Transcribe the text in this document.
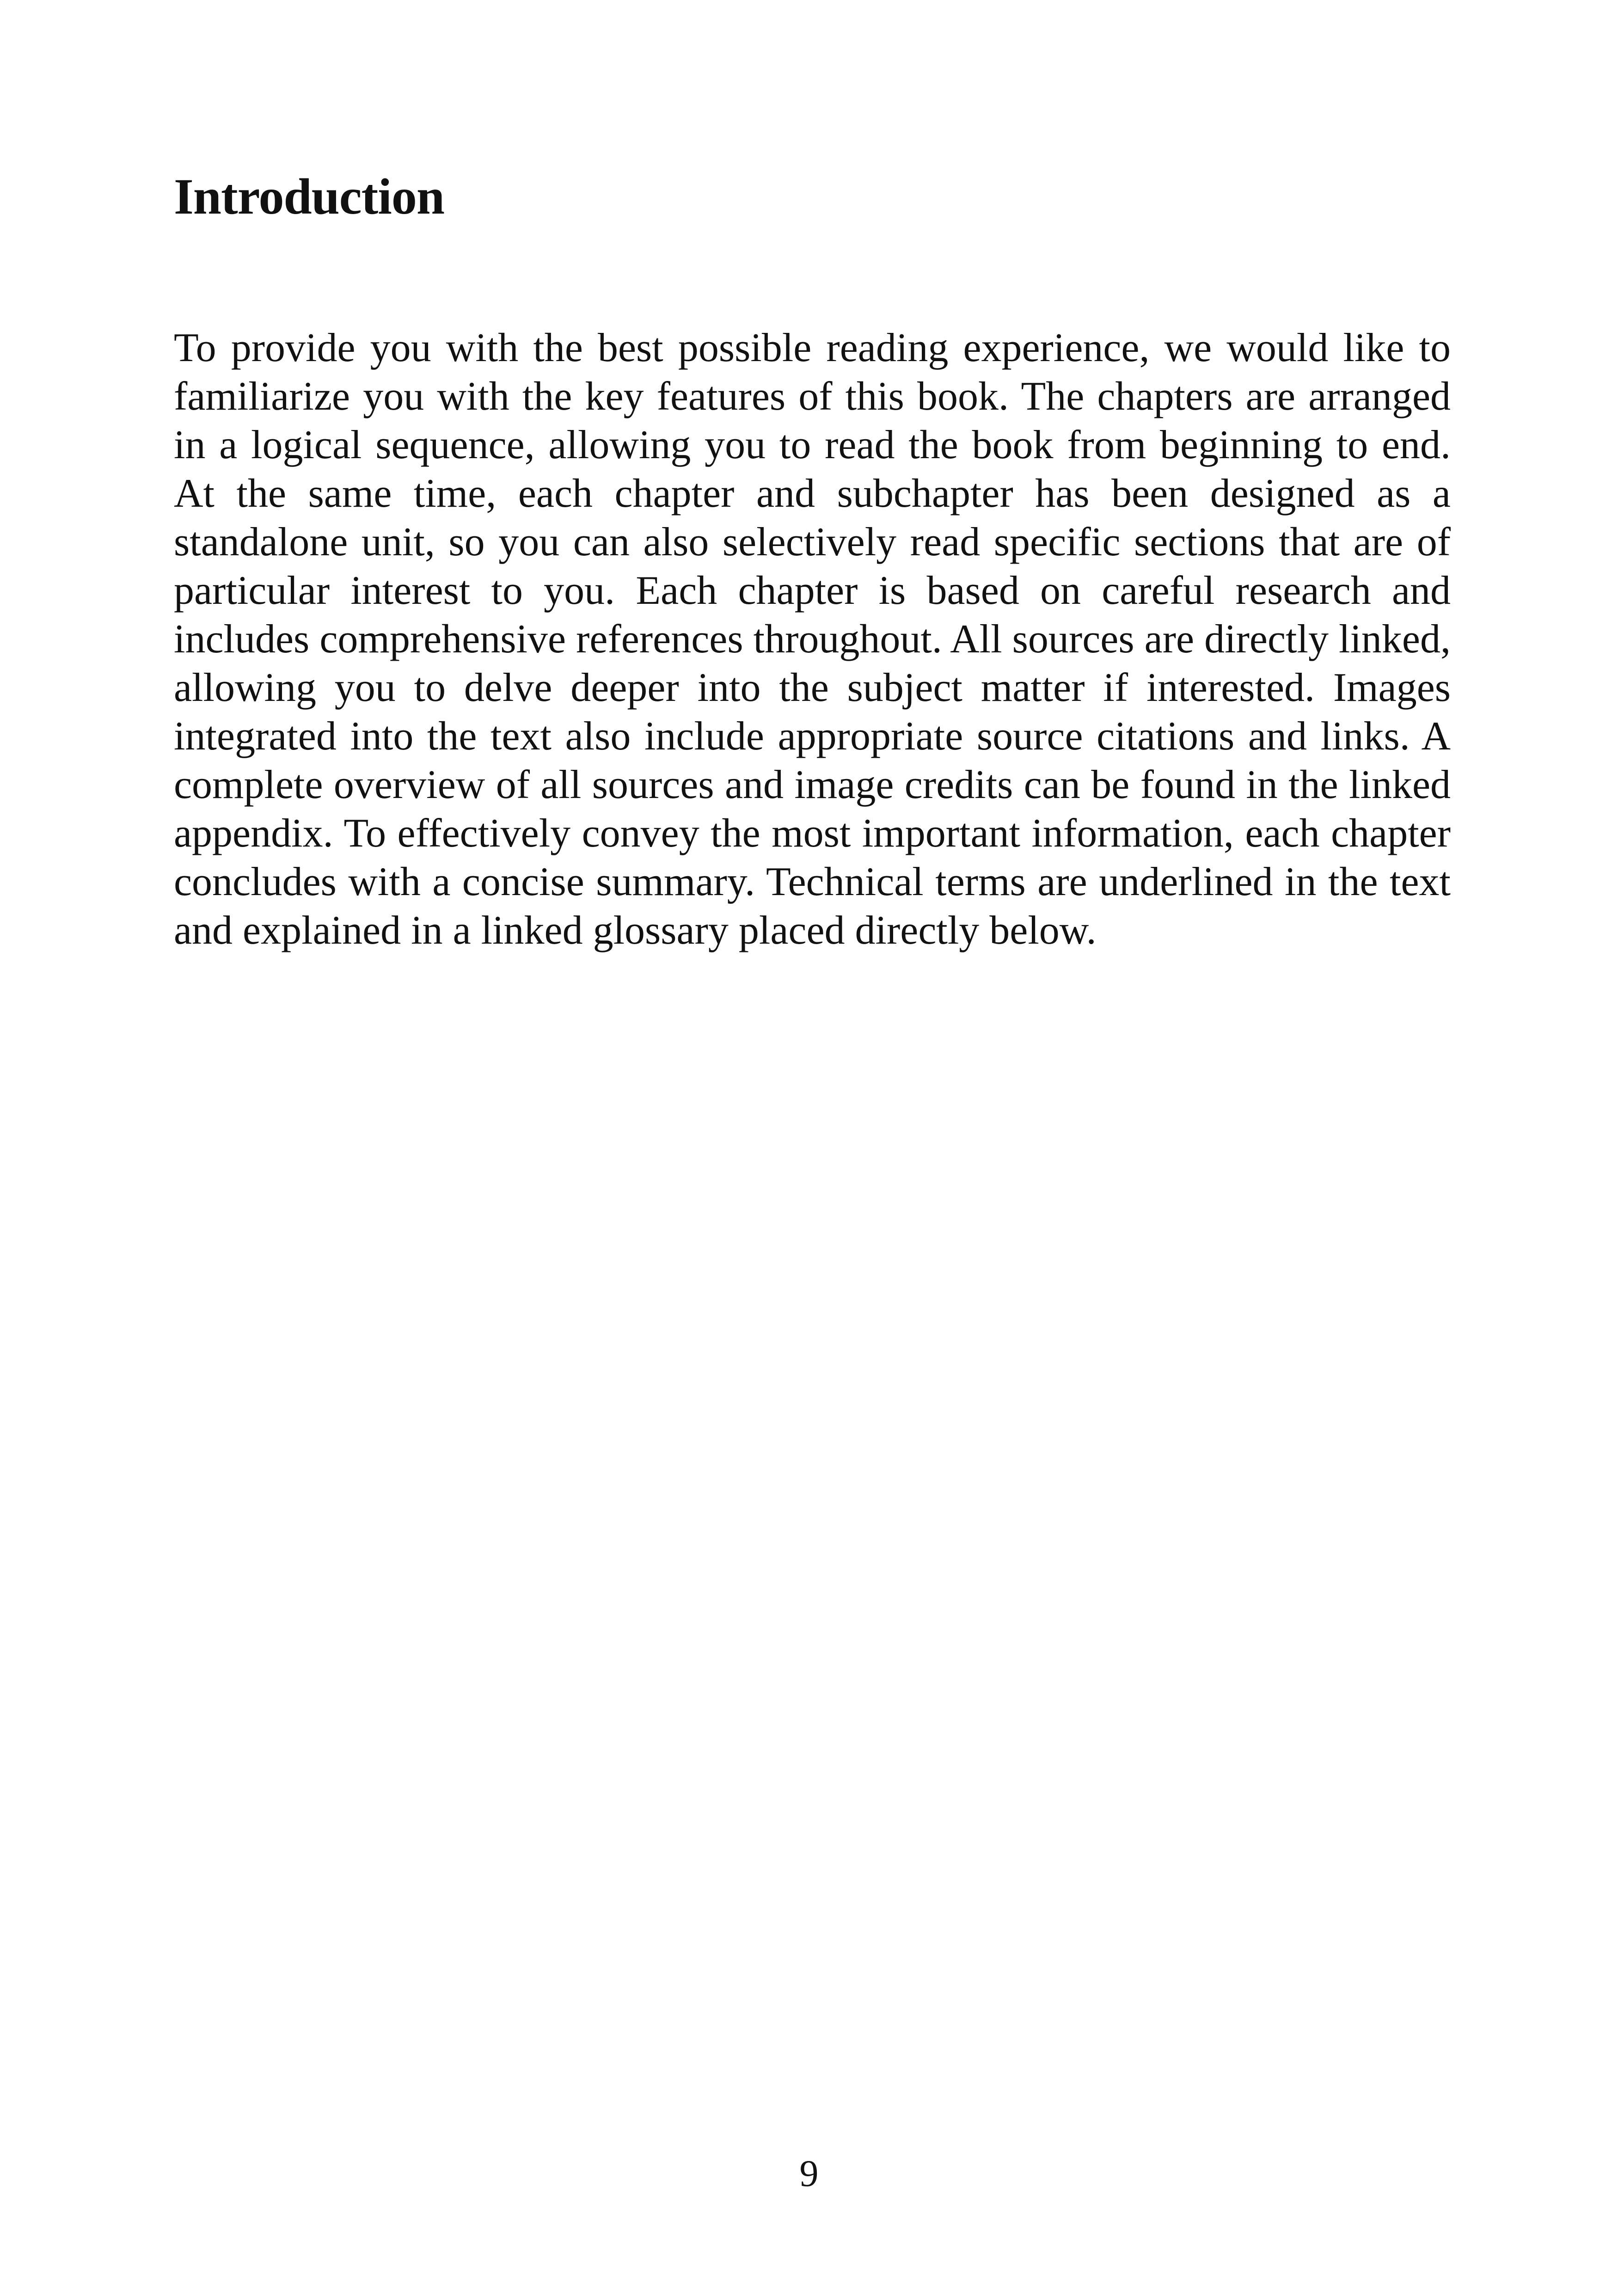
Introduction

To provide you with the best possible reading experience, we would like to familiarize you with the key features of this book. The chapters are arranged in a logical sequence, allowing you to read the book from beginning to end. At the same time, each chapter and subchapter has been designed as a standalone unit, so you can also selectively read specific sections that are of particular interest to you. Each chapter is based on careful research and includes comprehensive references throughout. All sources are directly linked, allowing you to delve deeper into the subject matter if interested. Images integrated into the text also include appropriate source citations and links. A complete overview of all sources and image credits can be found in the linked appendix. To effectively convey the most important information, each chapter concludes with a concise summary. Technical terms are underlined in the text and explained in a linked glossary placed directly below.

9
